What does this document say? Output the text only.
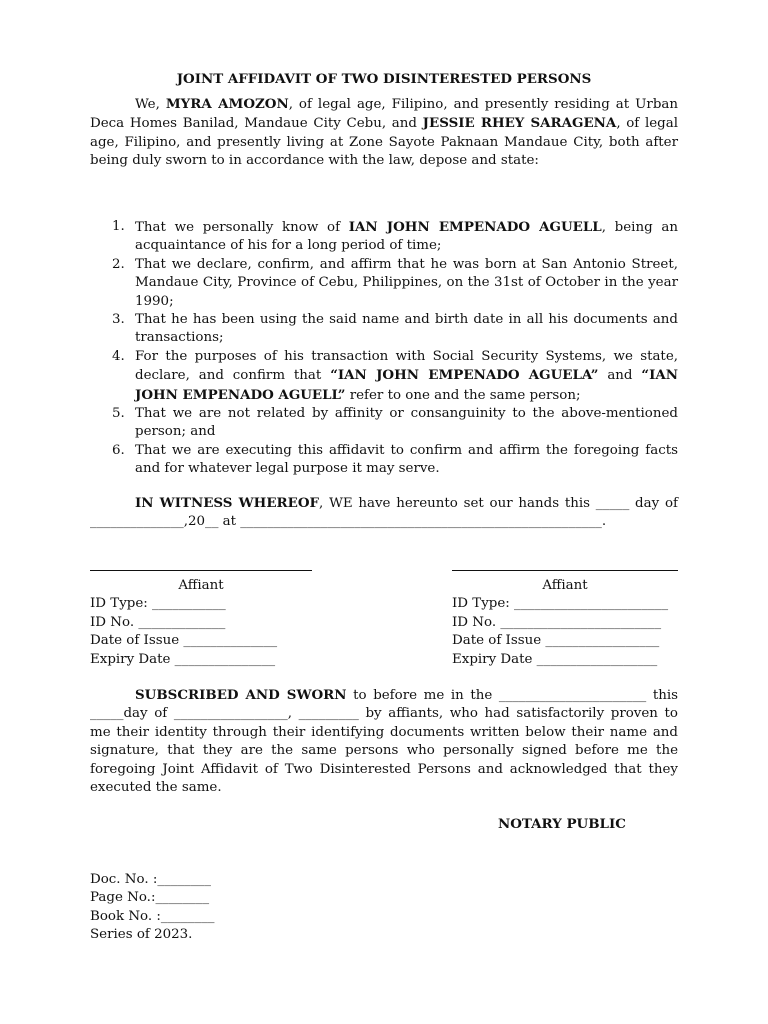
JOINT AFFIDAVIT OF TWO DISINTERESTED PERSONS

We, MYRA AMOZON, of legal age, Filipino, and presently residing at Urban Deca Homes Banilad, Mandaue City Cebu, and JESSIE RHEY SARAGENA, of legal age, Filipino, and presently living at Zone Sayote Paknaan Mandaue City, both after being duly sworn to in accordance with the law, depose and state:

1. That we personally know of IAN JOHN EMPENADO AGUELL, being an acquaintance of his for a long period of time;
2. That we declare, confirm, and affirm that he was born at San Antonio Street, Mandaue City, Province of Cebu, Philippines, on the 31st of October in the year 1990;
3. That he has been using the said name and birth date in all his documents and transactions;
4. For the purposes of his transaction with Social Security Systems, we state, declare, and confirm that “IAN JOHN EMPENADO AGUELA” and “IAN JOHN EMPENADO AGUELL” refer to one and the same person;
5. That we are not related by affinity or consanguinity to the above-mentioned person; and
6. That we are executing this affidavit to confirm and affirm the foregoing facts and for whatever legal purpose it may serve.

IN WITNESS WHEREOF, WE have hereunto set our hands this _____ day of ______________,20__ at ______________________________________________________.

Affiant
ID Type: ___________
ID No. _____________
Date of Issue ______________
Expiry Date _______________
Affiant
ID Type: _______________________
ID No. ________________________
Date of Issue _________________
Expiry Date __________________

SUBSCRIBED AND SWORN to before me in the ______________________ this _____day of _________________, _________ by affiants, who had satisfactorily proven to me their identity through their identifying documents written below their name and signature, that they are the same persons who personally signed before me the foregoing Joint Affidavit of Two Disinterested Persons and acknowledged that they executed the same.

NOTARY PUBLIC
Doc. No. :________
Page No.:________
Book No. :________
Series of 2023.
